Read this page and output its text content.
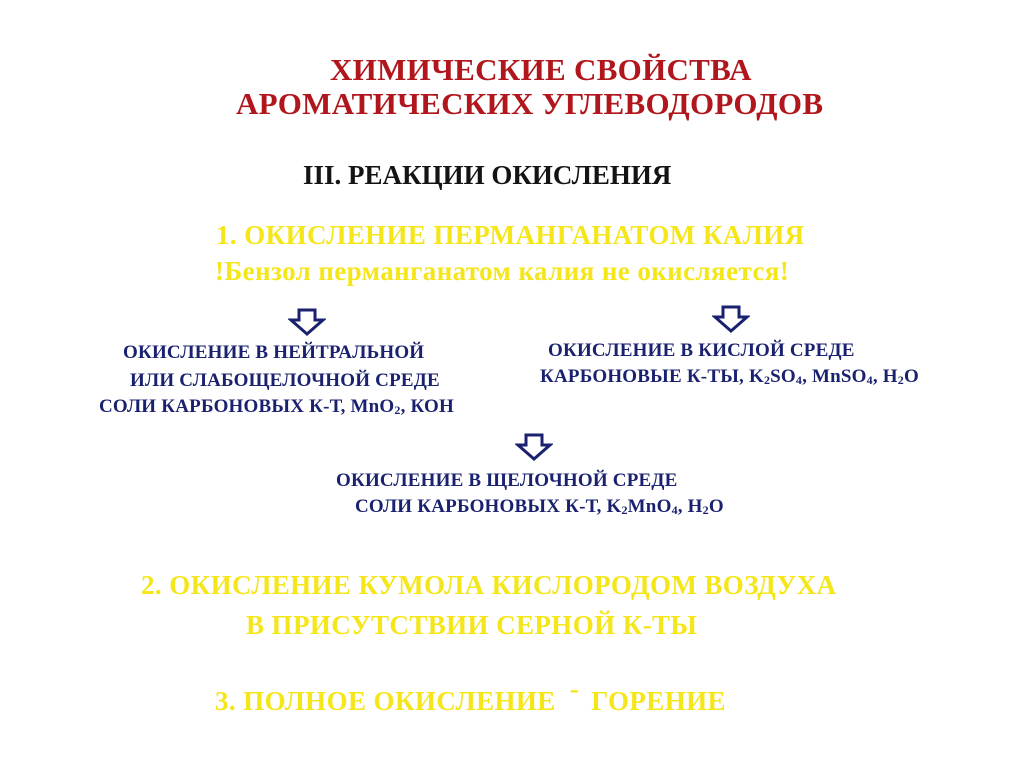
ХИМИЧЕСКИЕ СВОЙСТВА
АРОМАТИЧЕСКИХ УГЛЕВОДОРОДОВ
III. РЕАКЦИИ ОКИСЛЕНИЯ
1. ОКИСЛЕНИЕ ПЕРМАНГАНАТОМ КАЛИЯ
!Бензол перманганатом калия не окисляется!
ОКИСЛЕНИЕ В НЕЙТРАЛЬНОЙ
ИЛИ СЛАБОЩЕЛОЧНОЙ СРЕДЕ
СОЛИ КАРБОНОВЫХ К-Т, MnO$_2$, КОН
ОКИСЛЕНИЕ В КИСЛОЙ СРЕДЕ
КАРБОНОВЫЕ К-ТЫ, $K_2SO_4$, MnSO$_4$, $H_2O$
ОКИСЛЕНИЕ В ЩЕЛОЧНОЙ СРЕДЕ
СОЛИ КАРБОНОВЫХ К-Т, $K_2MnO_4$, $H_2O$
2. ОКИСЛЕНИЕ КУМОЛА КИСЛОРОДОМ ВОЗДУХА
В ПРИСУТСТВИИ СЕРНОЙ К-ТЫ
3. ПОЛНОЕ ОКИСЛЕНИЕ - ГОРЕНИЕ
